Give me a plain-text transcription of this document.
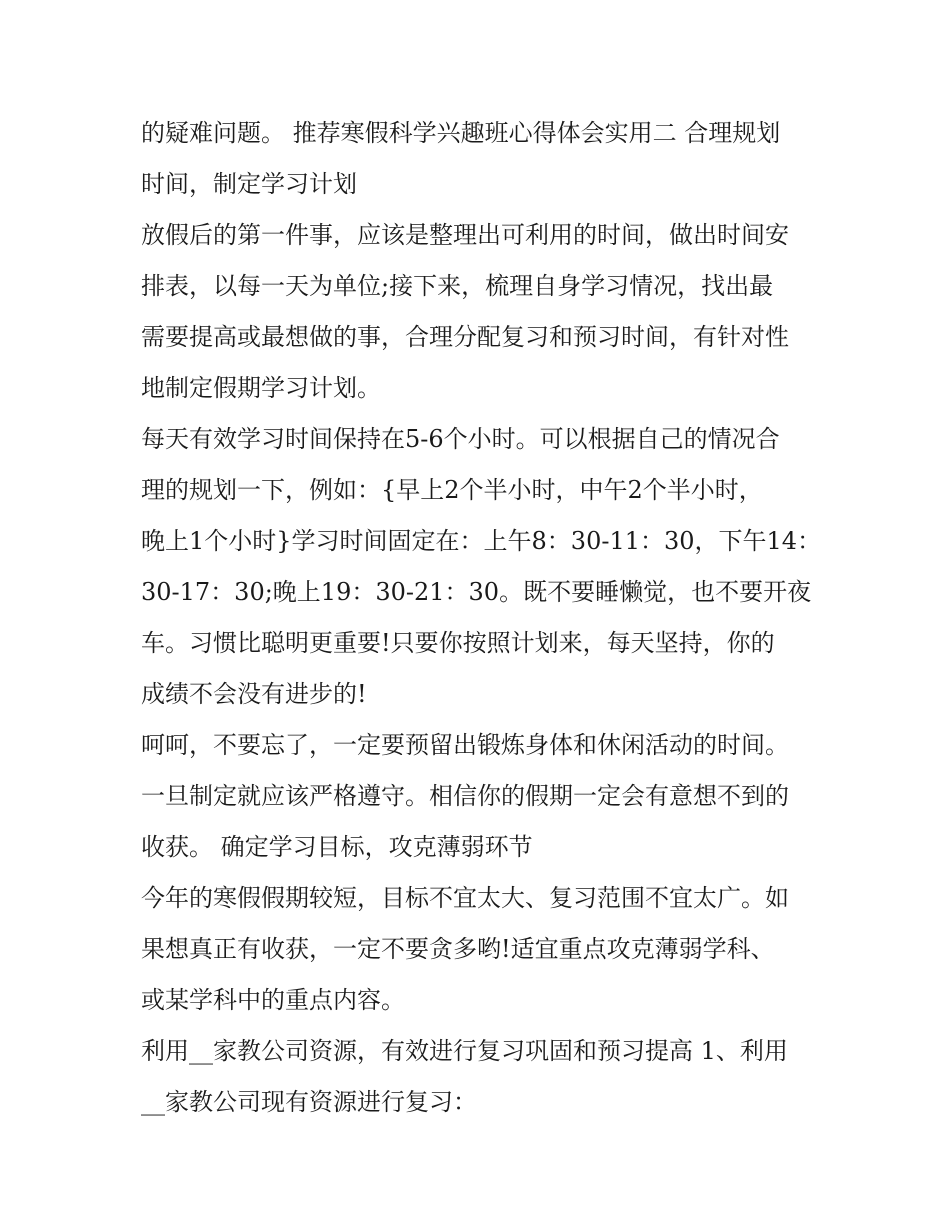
的疑难问题。 推荐寒假科学兴趣班心得体会实用二 合理规划
时间，制定学习计划
放假后的第一件事，应该是整理出可利用的时间，做出时间安
排表，以每一天为单位;接下来，梳理自身学习情况，找出最
需要提高或最想做的事，合理分配复习和预习时间，有针对性
地制定假期学习计划。
每天有效学习时间保持在5-6个小时。可以根据自己的情况合
理的规划一下，例如：{早上2个半小时，中午2个半小时，
晚上1个小时}学习时间固定在：上午8：30-11：30，下午14：
30-17：30;晚上19：30-21：30。既不要睡懒觉，也不要开夜
车。习惯比聪明更重要!只要你按照计划来，每天坚持，你的
成绩不会没有进步的!
呵呵，不要忘了，一定要预留出锻炼身体和休闲活动的时间。
一旦制定就应该严格遵守。相信你的假期一定会有意想不到的
收获。 确定学习目标，攻克薄弱环节
今年的寒假假期较短，目标不宜太大、复习范围不宜太广。如
果想真正有收获，一定不要贪多哟!适宜重点攻克薄弱学科、
或某学科中的重点内容。
利用__家教公司资源，有效进行复习巩固和预习提高 1、利用
__家教公司现有资源进行复习：
